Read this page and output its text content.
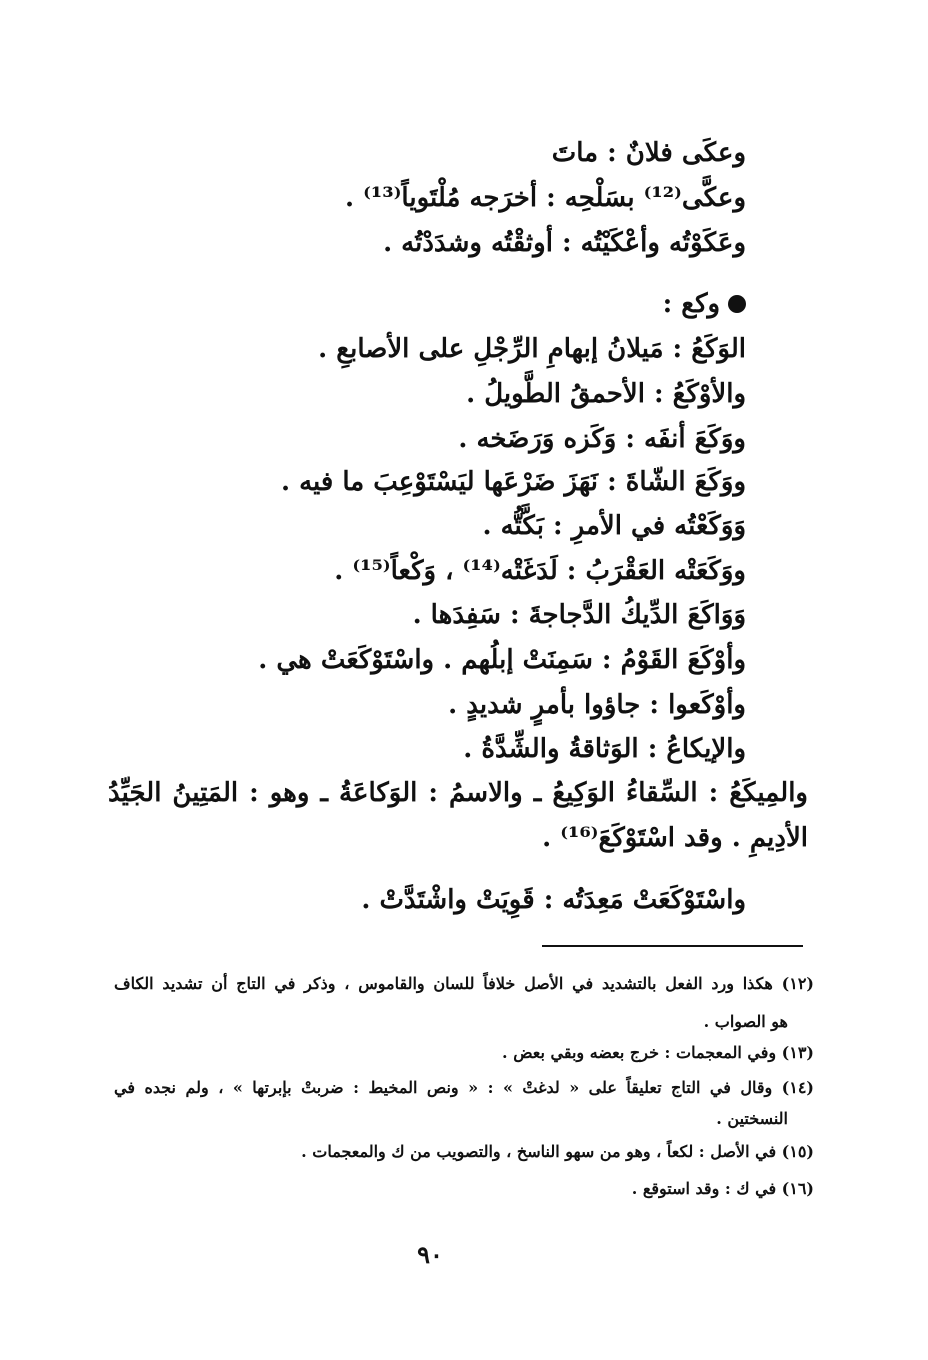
وعكَى فلانٌ : ماتَ
وعكَّى⁽¹²⁾ بسَلْحِه : أخرَجه مُلْتَوياً⁽¹³⁾ .
وعَكَوْتُه وأعْكَيْتُه : أوثقْتُه وشدَدْتُه .
وكع :
الوَكَعُ : مَيلانُ إبهامِ الرِّجْلِ على الأصابعِ .
والأوْكَعُ : الأحمقُ الطَّويلُ .
ووَكَعَ أنفَه : وَكَزه وَرَضَخه .
ووَكَعَ الشّاةَ : نَهَزَ ضَرْعَها ليَسْتَوْعِبَ ما فيه .
وَوَكَعْتُه في الأمرِ : بَكَّتُّه .
ووَكَعَتْه العَقْرَبُ : لَدَغَتْه⁽¹⁴⁾ ، وَكْعاً⁽¹⁵⁾ .
وَوَاكَعَ الدِّيكُ الدَّجاجةَ : سَفِدَها .
وأوْكَعَ القَوْمُ : سَمِنَتْ إبلُهم . واسْتَوْكَعَتْ هي .
وأوْكَعوا : جاؤوا بأمرٍ شديدٍ .
والإيكاعُ : الوَثاقةُ والشِّدَّةُ .
والمِيكَعُ : السِّقاءُ الوَكِيعُ ـ والاسمُ : الوَكاعَةُ ـ وهو : المَتِينُ الجَيِّدُ
الأدِيمِ . وقد اسْتَوْكَعَ⁽¹⁶⁾ .
واسْتَوْكَعَتْ مَعِدَتُه : قَوِيَتْ واشْتَدَّتْ .
(١٢) هكذا ورد الفعل بالتشديد في الأصل خلافاً للسان والقاموس ، وذكر في التاج أن تشديد الكاف
هو الصواب .
(١٣) وفي المعجمات : خرج بعضه وبقي بعض .
(١٤) وقال في التاج تعليقاً على « لدغتْ » : « ونص المخيط : ضربتْ بإبرتها » ، ولم نجده في
النسختين .
(١٥) في الأصل : لكعاً ، وهو من سهو الناسخ ، والتصويب من ك والمعجمات .
(١٦) في ك : وقد استوقع .
٩٠
